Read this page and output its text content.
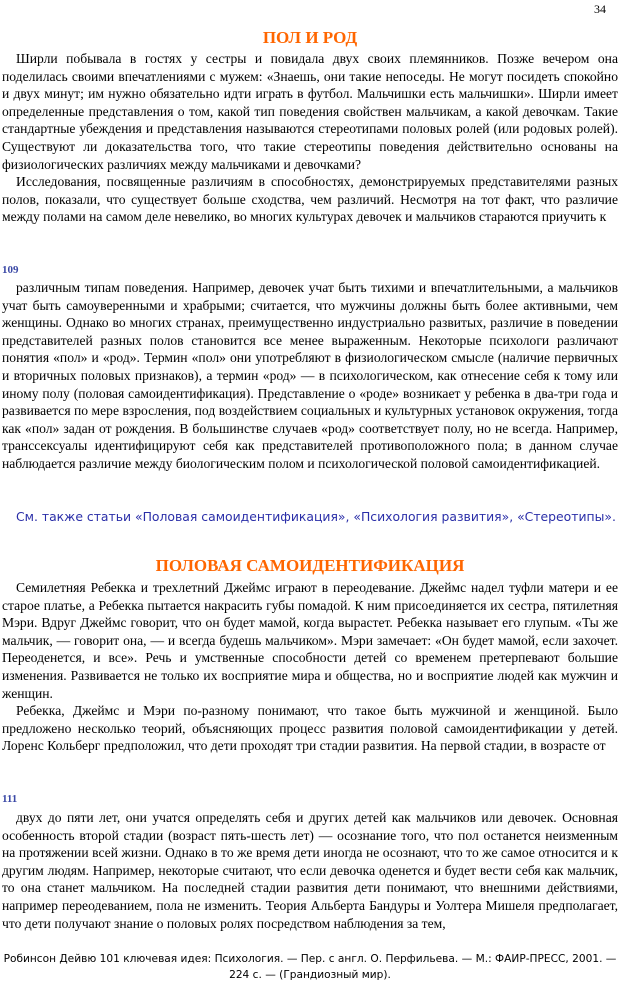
34
ПОЛ И РОД

Ширли побывала в гостях у сестры и повидала двух своих племянников. Позже вечером она поделилась своими впечатлениями с мужем: «Знаешь, они такие непоседы. Не могут посидеть спокойно и двух минут; им нужно обязательно идти играть в футбол. Мальчишки есть мальчишки». Ширли имеет определенные представления о том, какой тип поведения свойствен мальчикам, а какой девочкам. Такие стандартные убеждения и представления называются стереотипами половых ролей (или родовых ролей). Существуют ли доказательства того, что такие стереотипы поведения действительно основаны на физиологических различиях между мальчиками и девочками?

Исследования, посвященные различиям в способностях, демонстрируемых представителями разных полов, показали, что существует больше сходства, чем различий. Несмотря на тот факт, что различие между полами на самом деле невелико, во многих культурах девочек и мальчиков стараются приучить к

109

различным типам поведения. Например, девочек учат быть тихими и впечатлительными, а мальчиков учат быть самоуверенными и храбрыми; считается, что мужчины должны быть более активными, чем женщины. Однако во многих странах, преимущественно индустриально развитых, различие в поведении представителей разных полов становится все менее выраженным. Некоторые психологи различают понятия «пол» и «род». Термин «пол» они употребляют в физиологическом смысле (наличие первичных и вторичных половых признаков), а термин «род» — в психологическом, как отнесение себя к тому или иному полу (половая самоидентификация). Представление о «роде» возникает у ребенка в два-три года и развивается по мере взросления, под воздействием социальных и культурных установок окружения, тогда как «пол» задан от рождения. В большинстве случаев «род» соответствует полу, но не всегда. Например, транссексуалы идентифицируют себя как представителей противоположного пола; в данном случае наблюдается различие между биологическим полом и психологической половой самоидентификацией.

См. также статьи «Половая самоидентификация», «Психология развития», «Стереотипы».

ПОЛОВАЯ САМОИДЕНТИФИКАЦИЯ

Семилетняя Ребекка и трехлетний Джеймс играют в переодевание. Джеймс надел туфли матери и ее старое платье, а Ребекка пытается накрасить губы помадой. К ним присоединяется их сестра, пятилетняя Мэри. Вдруг Джеймс говорит, что он будет мамой, когда вырастет. Ребекка называет его глупым. «Ты же мальчик, — говорит она, — и всегда будешь мальчиком». Мэри замечает: «Он будет мамой, если захочет. Переоденется, и все». Речь и умственные способности детей со временем претерпевают большие изменения. Развивается не только их восприятие мира и общества, но и восприятие людей как мужчин и женщин.

Ребекка, Джеймс и Мэри по-разному понимают, что такое быть мужчиной и женщиной. Было предложено несколько теорий, объясняющих процесс развития половой самоидентификации у детей. Лоренс Кольберг предположил, что дети проходят три стадии развития. На первой стадии, в возрасте от

111

двух до пяти лет, они учатся определять себя и других детей как мальчиков или девочек. Основная особенность второй стадии (возраст пять-шесть лет) — осознание того, что пол останется неизменным на протяжении всей жизни. Однако в то же время дети иногда не осознают, что то же самое относится и к другим людям. Например, некоторые считают, что если девочка оденется и будет вести себя как мальчик, то она станет мальчиком. На последней стадии развития дети понимают, что внешними действиями, например переодеванием, пола не изменить. Теория Альберта Бандуры и Уолтера Мишеля предполагает, что дети получают знание о половых ролях посредством наблюдения за тем,

Робинсон Дейвю 101 ключевая идея: Психология. — Пер. с англ. О. Перфильева. — М.: ФАИР-ПРЕСС, 2001. —
224 с. — (Грандиозный мир).
